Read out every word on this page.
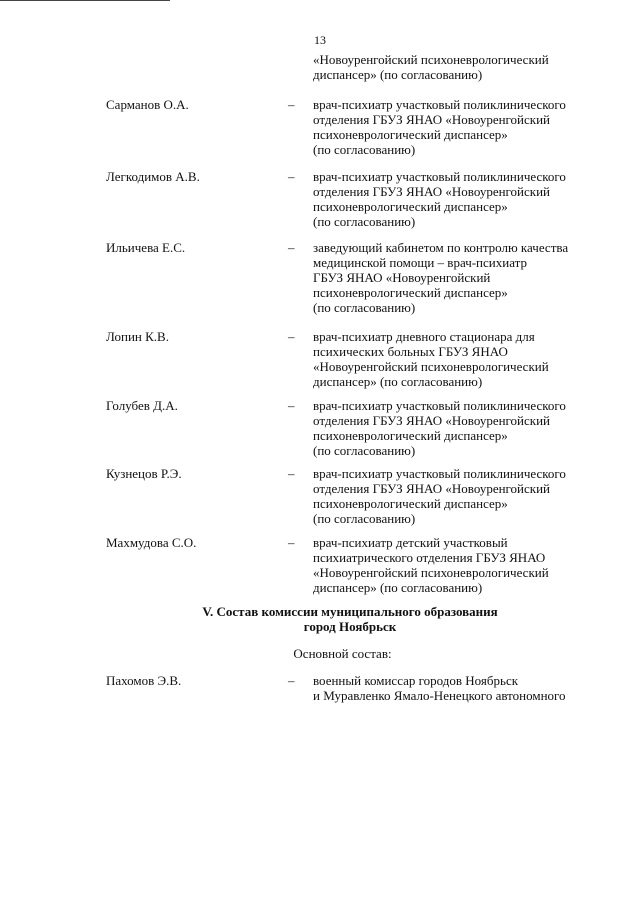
13
«Новоуренгойский психоневрологический
диспансер» (по согласованию)
Сарманов О.А.	– врач-психиатр участковый поликлинического
отделения ГБУЗ ЯНАО «Новоуренгойский
психоневрологический диспансер»
(по согласованию)
Легкодимов А.В.	– врач-психиатр участковый поликлинического
отделения ГБУЗ ЯНАО «Новоуренгойский
психоневрологический диспансер»
(по согласованию)
Ильичева Е.С.	– заведующий кабинетом по контролю качества
медицинской помощи – врач-психиатр
ГБУЗ ЯНАО «Новоуренгойский
психоневрологический диспансер»
(по согласованию)
Лопин К.В.	– врач-психиатр дневного стационара для
психических больных ГБУЗ ЯНАО
«Новоуренгойский психоневрологический
диспансер» (по согласованию)
Голубев Д.А.	– врач-психиатр участковый поликлинического
отделения ГБУЗ ЯНАО «Новоуренгойский
психоневрологический диспансер»
(по согласованию)
Кузнецов Р.Э.	– врач-психиатр участковый поликлинического
отделения ГБУЗ ЯНАО «Новоуренгойский
психоневрологический диспансер»
(по согласованию)
Махмудова С.О.	– врач-психиатр детский участковый
психиатрического отделения ГБУЗ ЯНАО
«Новоуренгойский психоневрологический
диспансер» (по согласованию)
V. Состав комиссии муниципального образования
город Ноябрьск
Основной состав:
Пахомов Э.В.	– военный комиссар городов Ноябрьск
и Муравленко Ямало-Ненецкого автономного
